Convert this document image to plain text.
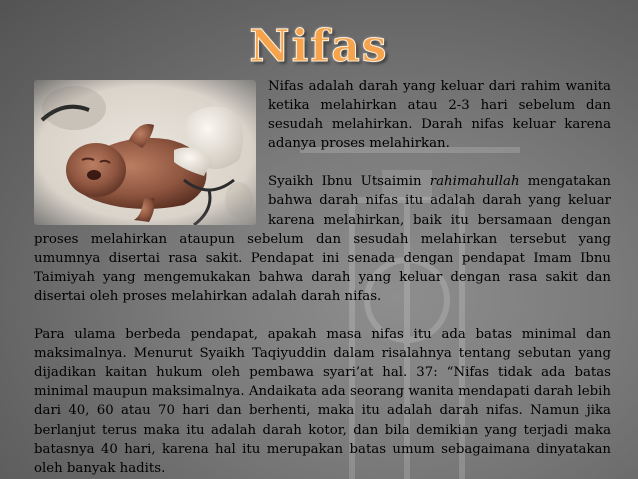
Nifas

Nifas adalah darah yang keluar dari rahim wanita ketika melahirkan atau 2-3 hari sebelum dan sesudah melahirkan. Darah nifas keluar karena adanya proses melahirkan.

Syaikh Ibnu Utsaimin rahimahullah mengatakan bahwa darah nifas itu adalah darah yang keluar karena melahirkan, baik itu bersamaan dengan proses melahirkan ataupun sebelum dan sesudah melahirkan tersebut yang umumnya disertai rasa sakit. Pendapat ini senada dengan pendapat Imam Ibnu Taimiyah yang mengemukakan bahwa darah yang keluar dengan rasa sakit dan disertai oleh proses melahirkan adalah darah nifas.

Para ulama berbeda pendapat, apakah masa nifas itu ada batas minimal dan maksimalnya. Menurut Syaikh Taqiyuddin dalam risalahnya tentang sebutan yang dijadikan kaitan hukum oleh pembawa syari’at hal. 37: “Nifas tidak ada batas minimal maupun maksimalnya. Andaikata ada seorang wanita mendapati darah lebih dari 40, 60 atau 70 hari dan berhenti, maka itu adalah darah nifas. Namun jika berlanjut terus maka itu adalah darah kotor, dan bila demikian yang terjadi maka batasnya 40 hari, karena hal itu merupakan batas umum sebagaimana dinyatakan oleh banyak hadits.
